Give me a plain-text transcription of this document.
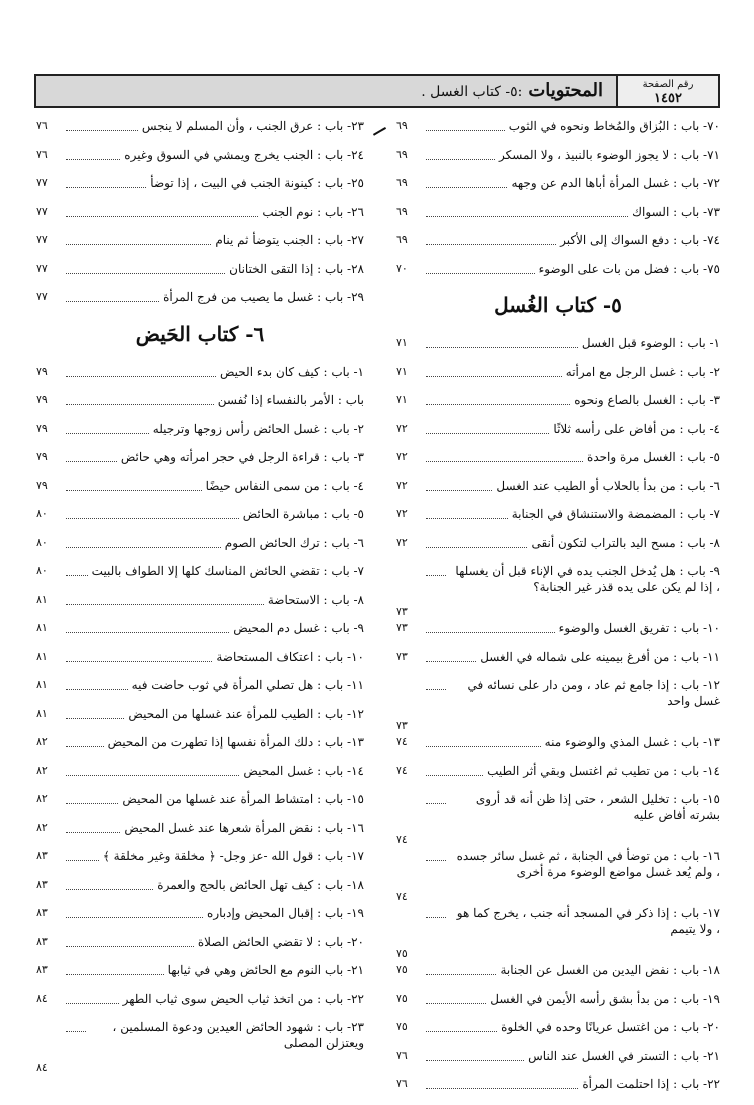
رقم الصفحة
١٤٥٢
المحتويات:٥- كتاب الغسل .
٧٠- باب : البُزاق والمُخاط ونحوه في الثوب
٦٩
٧١- باب : لا يجوز الوضوء بالنبيذ ، ولا المسكر
٦٩
٧٢- باب : غسل المرأة أباها الدم عن وجهه
٦٩
٧٣- باب : السواك
٦٩
٧٤- باب : دفع السواك إلى الأكبر
٦٩
٧٥- باب : فضل من بات على الوضوء
٧٠
٥- كتاب الغُسل
١- باب : الوضوء قبل الغسل
٧١
٢- باب : غسل الرجل مع امرأته
٧١
٣- باب : الغسل بالصاع ونحوه
٧١
٤- باب : من أفاض على رأسه ثلاثًا
٧٢
٥- باب : الغسل مرة واحدة
٧٢
٦- باب : من بدأ بالحلاب أو الطيب عند الغسل
٧٢
٧- باب : المضمضة والاستنشاق في الجنابة
٧٢
٨- باب : مسح اليد بالتراب لتكون أنقى
٧٢
٩- باب : هل يُدخل الجنب يده في الإناء قبل أن يغسلها ، إذا لم يكن على يده قذر غير الجنابة؟
٧٣
١٠- باب : تفريق الغسل والوضوء
٧٣
١١- باب : من أفرغ بيمينه على شماله في الغسل
٧٣
١٢- باب : إذا جامع ثم عاد ، ومن دار على نسائه في غسل واحد
٧٣
١٣- باب : غسل المذي والوضوء منه
٧٤
١٤- باب : من تطيب ثم اغتسل وبقي أثر الطيب
٧٤
١٥- باب : تخليل الشعر ، حتى إذا ظن أنه قد أروى بشرته أفاض عليه
٧٤
١٦- باب : من توضأ في الجنابة ، ثم غسل سائر جسده ، ولم يُعد غسل مواضع الوضوء مرة أخرى
٧٤
١٧- باب : إذا ذكر في المسجد أنه جنب ، يخرج كما هو ، ولا يتيمم
٧٥
١٨- باب : نفض اليدين من الغسل عن الجنابة
٧٥
١٩- باب : من بدأ بشق رأسه الأيمن في الغسل
٧٥
٢٠- باب : من اغتسل عريانًا وحده في الخلوة
٧٥
٢١- باب : التستر في الغسل عند الناس
٧٦
٢٢- باب : إذا احتلمت المرأة
٧٦
٢٣- باب : عرق الجنب ، وأن المسلم لا ينجس
٧٦
٢٤- باب : الجنب يخرج ويمشي في السوق وغيره
٧٦
٢٥- باب : كينونة الجنب في البيت ، إذا توضأ
٧٧
٢٦- باب : نوم الجنب
٧٧
٢٧- باب : الجنب يتوضأ ثم ينام
٧٧
٢٨- باب : إذا التقى الختانان
٧٧
٢٩- باب : غسل ما يصيب من فرج المرأة
٧٧
٦- كتاب الحَيض
١- باب : كيف كان بدء الحيض
٧٩
باب : الأمر بالنفساء إذا نُفسن
٧٩
٢- باب : غسل الحائض رأس زوجها وترجيله
٧٩
٣- باب : قراءة الرجل في حجر امرأته وهي حائض
٧٩
٤- باب : من سمى النفاس حيضًا
٧٩
٥- باب : مباشرة الحائض
٨٠
٦- باب : ترك الحائض الصوم
٨٠
٧- باب : تقضي الحائض المناسك كلها إلا الطواف بالبيت
٨٠
٨- باب : الاستحاضة
٨١
٩- باب : غسل دم المحيض
٨١
١٠- باب : اعتكاف المستحاضة
٨١
١١- باب : هل تصلي المرأة في ثوب حاضت فيه
٨١
١٢- باب : الطيب للمرأة عند غسلها من المحيض
٨١
١٣- باب : دلك المرأة نفسها إذا تطهرت من المحيض
٨٢
١٤- باب : غسل المحيض
٨٢
١٥- باب : امتشاط المرأة عند غسلها من المحيض
٨٢
١٦- باب : نقض المرأة شعرها عند غسل المحيض
٨٢
١٧- باب : قول الله -عز وجل- ﴿ مخلقة وغير مخلقة ﴾
٨٣
١٨- باب : كيف تهل الحائض بالحج والعمرة
٨٣
١٩- باب : إقبال المحيض وإدباره
٨٣
٢٠- باب : لا تقضي الحائض الصلاة
٨٣
٢١- باب النوم مع الحائض وهي في ثيابها
٨٣
٢٢- باب : من اتخذ ثياب الحيض سوى ثياب الطهر
٨٤
٢٣- باب : شهود الحائض العيدين ودعوة المسلمين ، ويعتزلن المصلى
٨٤
